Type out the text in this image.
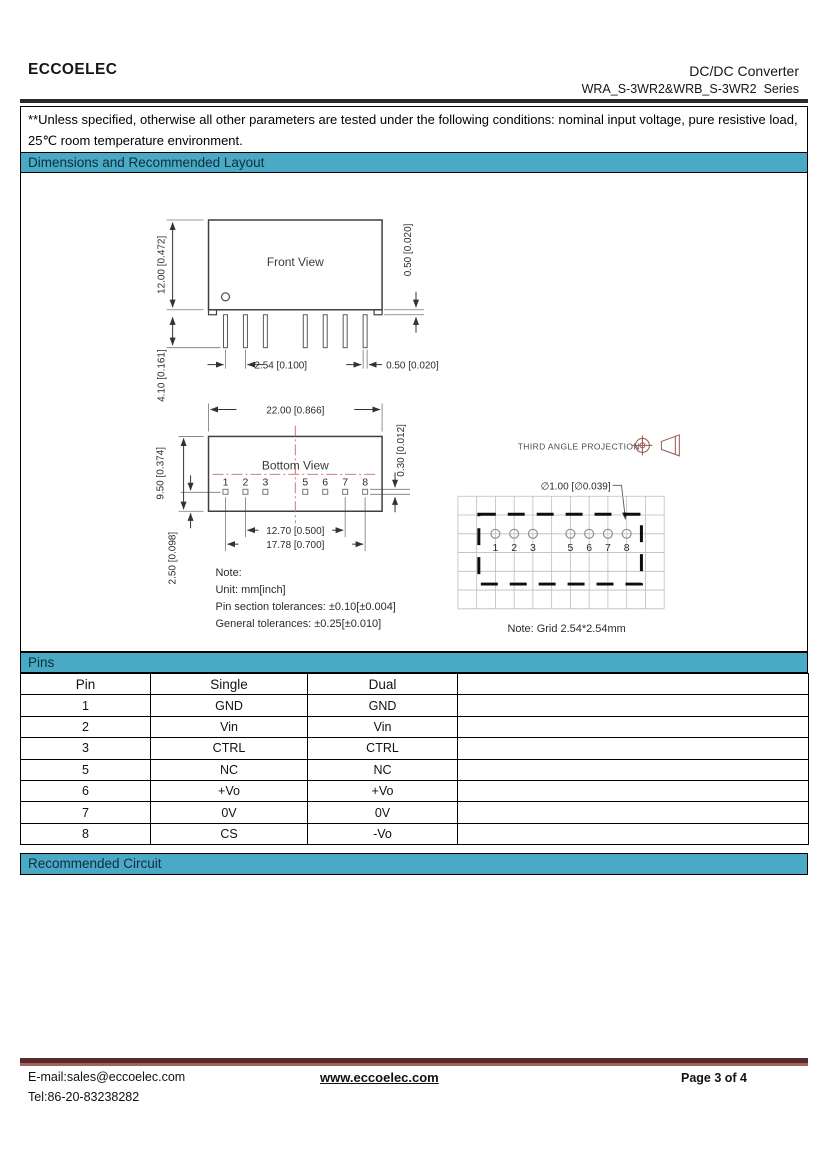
ECCOELEC	DC/DC Converter
WRA_S-3WR2&WRB_S-3WR2  Series
**Unless specified, otherwise all other parameters are tested under the following conditions: nominal input voltage, pure resistive load, 25℃ room temperature environment.
Dimensions and Recommended Layout
Front View
12.00 [0.472]
4.10 [0.161]
0.50 [0.020]
2.54 [0.100]	0.50 [0.020]
Bottom View
1 2 3	5 6 7 8
22.00 [0.866]
9.50 [0.374]
2.50 [0.098]
0.30 [0.012]
12.70 [0.500]
17.78 [0.700]
Note:
Unit: mm[inch]
Pin section tolerances: ±0.10[±0.004]
General tolerances: ±0.25[±0.010]
THIRD ANGLE PROJECTION
∅1.00 [∅0.039]
1 2 3	5 6 7 8
Note: Grid 2.54*2.54mm
Pins
Pin	Single	Dual	
1	GND	GND	
2	Vin	Vin	
3	CTRL	CTRL	
5	NC	NC	
6	+Vo	+Vo	
7	0V	0V	
8	CS	-Vo	
Recommended Circuit
E-mail:sales@eccoelec.com
Tel:86-20-83238282
www.eccoelec.com	Page 3 of 4
